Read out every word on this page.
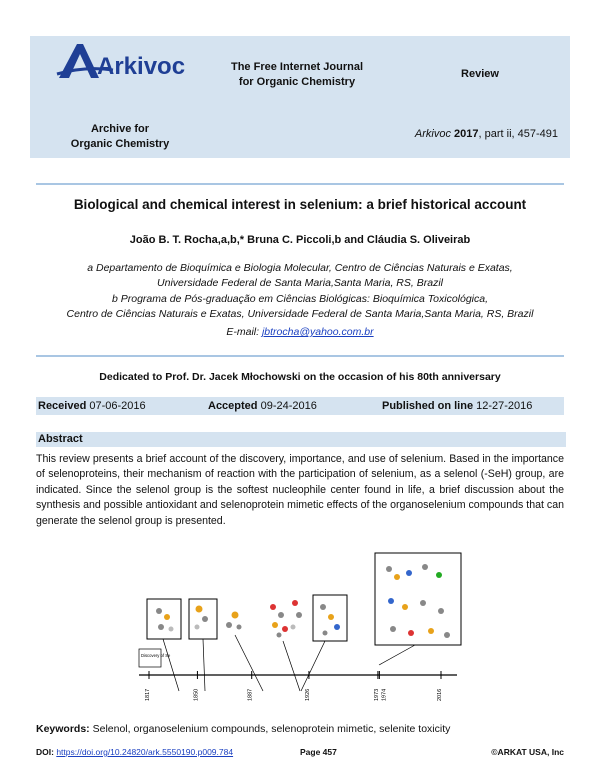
Arkivoc
Archive for
Organic Chemistry
The Free Internet Journal
for Organic Chemistry
Review
Arkivoc 2017, part ii, 457-491
Biological and chemical interest in selenium: a brief historical account
João B. T. Rocha,a,b,* Bruna C. Piccoli,b and Cláudia S. Oliveirab
a Departamento de Bioquímica e Biologia Molecular, Centro de Ciências Naturais e Exatas,
Universidade Federal de Santa Maria,Santa Maria, RS, Brazil
b Programa de Pós-graduação em Ciências Biológicas: Bioquímica Toxicológica,
Centro de Ciências Naturais e Exatas, Universidade Federal de Santa Maria,Santa Maria, RS, Brazil
E-mail: jbtrocha@yahoo.com.br
Dedicated to Prof. Dr. Jacek Młochowski on the occasion of his 80th anniversary
Received 07-06-2016	Accepted 09-24-2016	Published on line 12-27-2016
Abstract
This review presents a brief account of the discovery, importance, and use of selenium. Based in the importance of selenoproteins, their mechanism of reaction with the participation of selenium, as a selenol (-SeH) group, are indicated. Since the selenol group is the softest nucleophile center found in life, a brief discussion about the synthesis and possible antioxidant and selenoprotein mimetic effects of the organoselenium compounds that can generate the selenol group is presented.
Discovery of Se
1817	1850	1887	1926	1973 1974	2016
Keywords: Selenol, organoselenium compounds, selenoprotein mimetic, selenite toxicity
DOI: https://doi.org/10.24820/ark.5550190.p009.784	Page 457	©ARKAT USA, Inc
